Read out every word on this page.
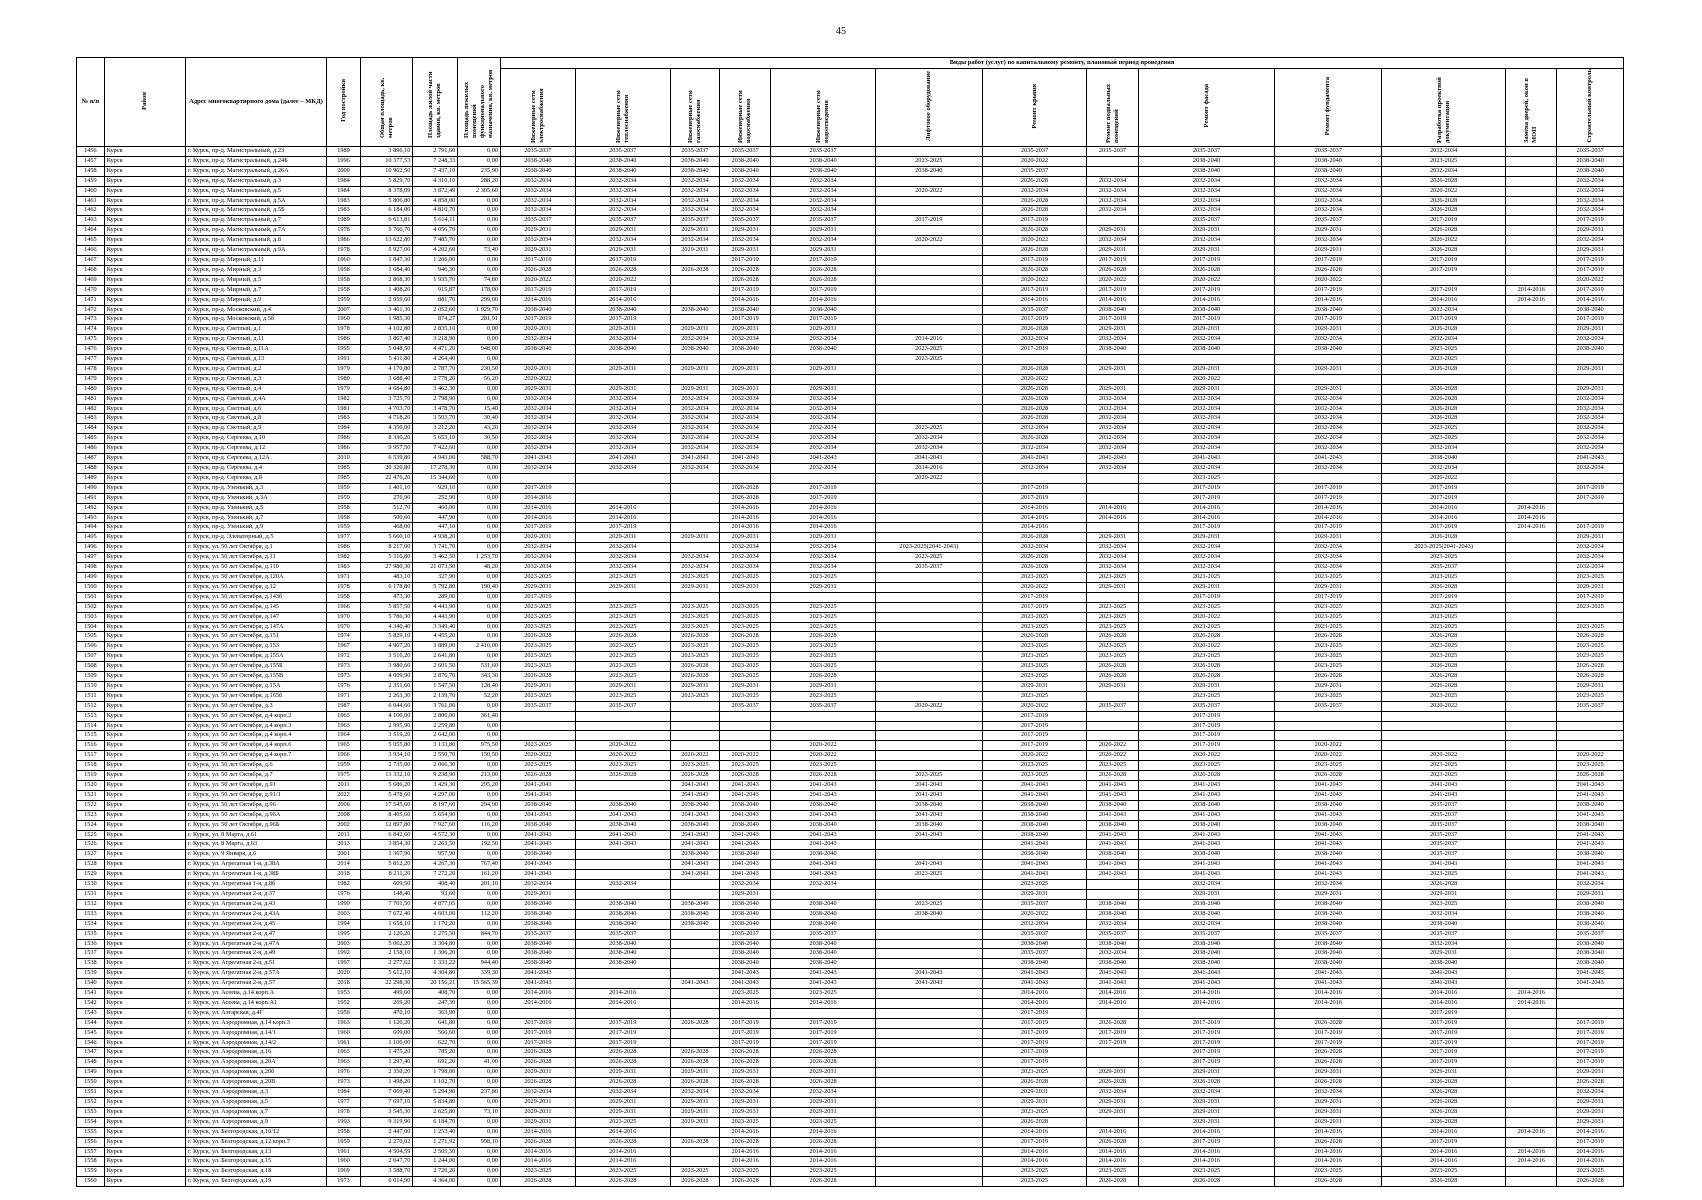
45
№ п/п	Район	Адрес многоквартирного дома (далее – МКД)	Год постройки	Общая площадь, кв. метров	Площадь жилой части здания, кв. метров	Площадь нежилых помещений функционального назначения, кв. метров	Виды работ (услуг) по капитальному ремонту, плановый период проведения												
							Инженерные сети электроснабжения	Инженерные сети теплоснабжения	Инженерные сети газоснабжения	Инженерные сети водоснабжения	Инженерные сети водоотведения	Лифтовое оборудование	Ремонт крыши	Ремонт подвальных помещений	Ремонт фасада	Ремонт фундамента	Разработка проектной документации	Замена дверей, окон в МОП	Строительный контроль
1456	Курск	г. Курск, пр-д. Магистральный, д.23	1989	3 896,10	2 791,60	0,00	2035-2037	2035-2037	2035-2037	2035-2037	2035-2037		2035-2037	2035-2037	2035-2037	2035-2037	2032-2034		2035-2037
1457	Курск	г. Курск, пр-д. Магистральный, д.24Б	1996	10 377,53	7 248,33	0,00	2038-2040	2038-2040	2038-2040	2038-2040	2038-2040	2023-2025	2020-2022		2038-2040	2038-2040	2023-2025		2038-2040
1458	Курск	г. Курск, пр-д. Магистральный, д.26А	2000	10 902,50	7 437,10	235,90	2038-2040	2038-2040	2038-2040	2038-2040	2038-2040	2038-2040	2035-2037		2038-2040	2038-2040	2032-2034		2038-2040
1459	Курск	г. Курск, пр-д. Магистральный, д.3	1984	5 829,70	4 310,10	288,20	2032-2034	2032-2034	2032-2034	2032-2034	2032-2034		2026-2028	2032-2034	2032-2034	2032-2034	2026-2028		2032-2034
1460	Курск	г. Курск, пр-д. Магистральный, д.5	1984	8 378,09	3 872,49	2 305,60	2032-2034	2032-2034	2032-2034	2032-2034	2032-2034	2020-2022	2032-2034	2032-2034	2032-2034	2032-2034	2020-2022		2032-2034
1461	Курск	г. Курск, пр-д. Магистральный, д.5А	1983	5 806,80	4 858,00	0,00	2032-2034	2032-2034	2032-2034	2032-2034	2032-2034		2026-2028	2032-2034	2032-2034	2032-2034	2026-2028		2032-2034
1462	Курск	г. Курск, пр-д. Магистральный, д.5Б	1983	6 184,00	4 810,70	0,00	2032-2034	2032-2034	2032-2034	2032-2034	2032-2034		2026-2028	2032-2034	2032-2034	2032-2034	2026-2028		2032-2034
1463	Курск	г. Курск, пр-д. Магистральный, д.7	1989	6 613,81	5 614,11	0,00	2035-2037	2035-2037	2035-2037	2035-2037	2035-2037	2017-2019	2017-2019		2035-2037	2035-2037	2017-2019		2017-2019
1464	Курск	г. Курск, пр-д. Магистральный, д.7А	1978	5 760,70	4 056,70	0,00	2029-2031	2029-2031	2029-2031	2029-2031	2029-2031		2026-2028	2029-2031	2029-2031	2029-2031	2026-2028		2029-2031
1465	Курск	г. Курск, пр-д. Магистральный, д.8	1986	13 622,80	7 485,70	0,00	2032-2034	2032-2034	2032-2034	2032-2034	2032-2034	2020-2022	2020-2022	2032-2034	2032-2034	2032-2034	2020-2022		2032-2034
1466	Курск	г. Курск, пр-д. Магистральный, д.9А	1978	5 927,00	4 202,60	73,40	2029-2031	2029-2031	2029-2031	2029-2031	2029-2031		2026-2028	2029-2031	2029-2031	2029-2031	2026-2028		2029-2031
1467	Курск	г. Курск, пр-д. Мирный, д.11	1960	1 847,30	1 266,00	0,00	2017-2019	2017-2019		2017-2019	2017-2019		2017-2019	2017-2019	2017-2019	2017-2019	2017-2019		2017-2019
1468	Курск	г. Курск, пр-д. Мирный, д.3	1958	1 684,40	946,30	0,00	2026-2028	2026-2028	2026-2028	2026-2028	2026-2028		2026-2028	2026-2028	2026-2028	2026-2028	2017-2019		2017-2019
1469	Курск	г. Курск, пр-д. Мирный, д.5	1958	2 868,30	1 935,70	74,80	2020-2022	2020-2022		2026-2028	2026-2028		2020-2022	2020-2022	2020-2022	2020-2022			2020-2022
1470	Курск	г. Курск, пр-д. Мирный, д.7	1958	1 408,20	915,87	178,00	2017-2019	2017-2019		2017-2019	2017-2019		2017-2019	2017-2019	2017-2019	2017-2019	2017-2019	2014-2016	2017-2019
1471	Курск	г. Курск, пр-д. Мирный, д.9	1959	2 059,60	881,70	299,00	2014-2016	2014-2016		2014-2016	2014-2016		2014-2016	2014-2016	2014-2016	2014-2016	2014-2016	2014-2016	2014-2016
1472	Курск	г. Курск, пр-д. Московский, д.4	2007	3 461,30	2 052,60	1 029,70	2038-2040	2038-2040	2038-2040	2038-2040	2038-2040		2035-2037	2038-2040	2038-2040	2038-2040	2032-2034		2038-2040
1473	Курск	г. Курск, пр-д. Московский, д.5б	1960	1 985,30	874,27	281,91	2017-2019	2017-2019		2017-2019	2017-2019		2017-2019	2017-2019	2017-2019	2017-2019	2017-2019		2017-2019
1474	Курск	г. Курск, пр-д. Светлый, д.1	1978	4 102,80	2 835,10	0,00	2029-2031	2029-2031	2029-2031	2029-2031	2029-2031		2026-2028	2029-2031	2029-2031	2029-2031	2026-2028		2029-2031
1475	Курск	г. Курск, пр-д. Светлый, д.11	1986	3 867,40	3 218,90	0,00	2032-2034	2032-2034	2032-2034	2032-2034	2032-2034	2014-2016	2032-2034	2032-2034	2032-2034	2032-2034	2032-2034		2032-2034
1476	Курск	г. Курск, пр-д. Светлый, д.11А	1995	5 048,50	4 471,20	948,00	2038-2040	2038-2040	2038-2040	2038-2040	2038-2040	2023-2025	2017-2019	2038-2040	2038-2040	2038-2040	2023-2025		2038-2040
1477	Курск	г. Курск, пр-д. Светлый, д.13	1991	5 411,80	4 264,40	0,00						2023-2025					2023-2025		
1478	Курск	г. Курск, пр-д. Светлый, д.2	1979	4 170,80	2 787,70	230,50	2029-2031	2029-2031	2029-2031	2029-2031	2029-2031		2026-2028	2029-2031	2029-2031	2029-2031	2026-2028		2029-2031
1479	Курск	г. Курск, пр-д. Светлый, д.3	1980	3 688,40	2 778,20	56,20	2020-2022						2020-2022		2020-2022				
1480	Курск	г. Курск, пр-д. Светлый, д.4	1979	4 684,80	3 462,30	0,00	2029-2031	2029-2031	2029-2031	2029-2031	2029-2031		2026-2028	2029-2031	2029-2031	2029-2031	2026-2028		2029-2031
1481	Курск	г. Курск, пр-д. Светлый, д.4А	1982	3 725,70	2 798,90	0,00	2032-2034	2032-2034	2032-2034	2032-2034	2032-2034		2026-2028	2032-2034	2032-2034	2032-2034	2026-2028		2032-2034
1482	Курск	г. Курск, пр-д. Светлый, д.6	1981	4 703,70	3 478,70	15,40	2032-2034	2032-2034	2032-2034	2032-2034	2032-2034		2026-2028	2032-2034	2032-2034	2032-2034	2026-2028		2032-2034
1483	Курск	г. Курск, пр-д. Светлый, д.8	1983	4 718,20	3 503,70	30,40	2032-2034	2032-2034	2032-2034	2032-2034	2032-2034		2026-2028	2032-2034	2032-2034	2032-2034	2026-2028		2032-2034
1484	Курск	г. Курск, пр-д. Светлый, д.9	1984	4 350,00	3 212,20	43,20	2032-2034	2032-2034	2032-2034	2032-2034	2032-2034	2023-2025	2032-2034	2032-2034	2032-2034	2032-2034	2023-2025		2032-2034
1485	Курск	г. Курск, пр-д. Сергеева, д.10	1986	8 330,20	5 653,10	30,50	2032-2034	2032-2034	2032-2034	2032-2034	2032-2034	2032-2034	2026-2028	2032-2034	2032-2034	2032-2034	2023-2025		2032-2034
1486	Курск	г. Курск, пр-д. Сергеева, д.12	1986	9 957,50	7 422,60	0,00	2032-2034	2032-2034	2032-2034	2032-2034	2032-2034	2032-2034	2032-2034	2032-2034	2032-2034	2032-2034	2032-2034		2032-2034
1487	Курск	г. Курск, пр-д. Сергеева, д.12А	2010	6 539,80	4 943,00	588,70	2041-2043	2041-2043	2041-2043	2041-2043	2041-2043	2041-2043	2041-2043	2041-2043	2041-2043	2041-2043	2038-2040		2041-2043
1488	Курск	г. Курск, пр-д. Сергеева, д.4	1985	20 320,80	17 278,30	0,00	2032-2034	2032-2034	2032-2034	2032-2034	2032-2034	2014-2016	2032-2034	2032-2034	2032-2034	2032-2034	2032-2034		2032-2034
1489	Курск	г. Курск, пр-д. Сергеева, д.8	1985	22 476,20	15 344,60	0,00						2020-2022			2023-2025		2020-2022		
1490	Курск	г. Курск, пр-д. Узенький, д.3	1959	1 401,10	929,10	0,00	2017-2019			2026-2028	2017-2019		2017-2019		2017-2019	2017-2019	2017-2019		2017-2019
1491	Курск	г. Курск, пр-д. Узенький, д.3А	1959	276,90	252,90	0,00	2014-2016			2026-2028	2017-2019		2017-2019		2017-2019	2017-2019	2017-2019		2017-2019
1492	Курск	г. Курск, пр-д. Узенький, д.5	1958	512,70	460,00	0,00	2014-2016	2014-2016		2014-2016	2014-2016		2014-2016	2014-2016	2014-2016	2014-2016	2014-2016	2014-2016	
1493	Курск	г. Курск, пр-д. Узенький, д.7	1958	500,60	447,90	0,00	2014-2016	2014-2016		2014-2016	2014-2016		2014-2016	2014-2016	2014-2016	2014-2016	2014-2016	2014-2016	
1494	Курск	г. Курск, пр-д. Узенький, д.9	1959	468,00	447,10	0,00	2017-2019	2017-2019		2014-2016	2014-2016		2014-2016		2017-2019	2017-2019	2017-2019	2014-2016	2017-2019
1495	Курск	г. Курск, пр-д. Элеваторный, д.5	1977	5 660,10	4 938,20	0,00	2029-2031	2029-2031	2029-2031	2029-2031	2029-2031		2026-2028	2029-2031	2029-2031	2029-2031	2026-2028		2029-2031
1496	Курск	г. Курск, ул. 50 лет Октября, д.1	1986	8 217,00	3 741,70	0,00	2032-2034	2032-2034		2032-2034	2032-2034	2023-2025(2041-2043)	2032-2034	2032-2034	2032-2034	2032-2034	2023-2025(2041-2043)		2032-2034
1497	Курск	г. Курск, ул. 50 лет Октября, д.11	1982	5 310,80	3 462,50	1 253,70	2032-2034	2032-2034	2032-2034	2032-2034	2032-2034	2023-2025	2026-2028	2032-2034	2032-2034	2032-2034	2023-2025		2032-2034
1498	Курск	г. Курск, ул. 50 лет Октября, д.110	1983	27 980,30	21 073,50	48,20	2032-2034	2032-2034	2032-2034	2032-2034	2032-2034	2035-2037	2026-2028	2032-2034	2032-2034	2032-2034	2035-2037		2032-2034
1499	Курск	г. Курск, ул. 50 лет Октября, д.120А	1971	483,10	327,90	0,00	2023-2025	2023-2025	2023-2025	2023-2025	2023-2025		2023-2025	2023-2025	2023-2025	2023-2025	2023-2025		2023-2025
1500	Курск	г. Курск, ул. 50 лет Октября, д.12	1978	6 178,80	5 792,80	190,40	2029-2031	2029-2031	2029-2031	2029-2031	2029-2031		2020-2022	2029-2031	2029-2031	2029-2031	2026-2028		2029-2031
1501	Курск	г. Курск, ул. 50 лет Октября, д.143б	1958	473,30	289,00	0,00	2017-2019						2017-2019		2017-2019	2017-2019	2017-2019		2017-2019
1502	Курск	г. Курск, ул. 50 лет Октября, д.145	1966	5 857,50	4 443,90	0,00	2023-2025	2023-2025	2023-2025	2023-2025	2023-2025		2017-2019	2023-2025	2023-2025	2023-2025	2023-2025		2023-2025
1503	Курск	г. Курск, ул. 50 лет Октября, д.147	1970	5 786,30	4 443,90	0,00	2023-2025	2023-2025	2023-2025	2023-2025	2023-2025		2023-2025	2023-2025	2020-2022	2023-2025	2023-2025		
1504	Курск	г. Курск, ул. 50 лет Октября, д.147А	1970	4 340,40	3 349,40	0,00	2023-2025	2023-2025	2023-2025	2023-2025	2023-2025		2023-2025	2023-2025	2023-2025	2023-2025	2023-2025		2023-2025
1505	Курск	г. Курск, ул. 50 лет Октября, д.151	1974	5 829,10	4 455,20	0,00	2026-2028	2026-2028	2026-2028	2026-2028	2026-2028		2026-2028	2026-2028	2026-2028	2026-2028	2026-2028		2026-2028
1506	Курск	г. Курск, ул. 50 лет Октября, д.153	1967	4 907,20	3 889,00	2 410,00	2023-2025	2023-2025	2023-2025	2023-2025	2023-2025		2023-2025	2023-2025	2020-2022	2023-2025	2023-2025		2023-2025
1507	Курск	г. Курск, ул. 50 лет Октября, д.155А	1972	3 516,20	2 641,80	0,00	2023-2025	2023-2025	2023-2025	2023-2025	2023-2025		2023-2025	2023-2025	2023-2025	2023-2025	2023-2025		2023-2025
1508	Курск	г. Курск, ул. 50 лет Октября, д.155Б	1973	3 980,60	2 601,50	531,60	2023-2025	2023-2025	2026-2028	2023-2025	2023-2025		2023-2025	2026-2028	2026-2028	2023-2025	2026-2028		2026-2028
1509	Курск	г. Курск, ул. 50 лет Октября, д.155В	1973	4 009,90	2 876,70	343,30	2026-2028	2023-2025	2026-2028	2023-2025	2026-2028		2023-2025	2026-2028	2026-2028	2026-2028	2026-2028		2026-2028
1510	Курск	г. Курск, ул. 50 лет Октября, д.15А	1976	2 351,60	1 547,50	128,40	2029-2031	2029-2031	2029-2031	2029-2031	2029-2031		2029-2031	2029-2031	2029-2031	2029-2031	2026-2028		2029-2031
1511	Курск	г. Курск, ул. 50 лет Октября, д.165б	1971	2 263,30	2 139,70	52,20	2023-2025	2023-2025	2023-2025	2023-2025	2023-2025		2023-2025		2023-2025	2023-2025	2023-2025		2023-2025
1512	Курск	г. Курск, ул. 50 лет Октября, д.3	1987	6 044,60	3 761,00	0,00	2035-2037	2035-2037		2035-2037	2035-2037	2020-2022	2020-2022	2035-2037	2035-2037	2035-2037	2020-2022		2035-2037
1513	Курск	г. Курск, ул. 50 лет Октября, д.4 корп.2	1963	4 100,00	2 806,00	361,40							2017-2019		2017-2019				
1514	Курск	г. Курск, ул. 50 лет Октября, д.4 корп.3	1963	2 995,90	2 259,80	0,00							2017-2019		2017-2019				
1515	Курск	г. Курск, ул. 50 лет Октября, д.4 корп.4	1964	3 519,20	2 642,00	0,00							2017-2019		2017-2019				
1516	Курск	г. Курск, ул. 50 лет Октября, д.4 корп.6	1965	5 055,80	3 133,80	975,50	2023-2025	2020-2022			2020-2022		2017-2019	2020-2022	2017-2019	2020-2022			
1517	Курск	г. Курск, ул. 50 лет Октября, д.4 корп.7	1966	3 934,10	2 550,70	150,50	2020-2022	2020-2022	2020-2022	2020-2022	2020-2022		2020-2022	2020-2022	2020-2022	2020-2022	2020-2022		2020-2022
1518	Курск	г. Курск, ул. 50 лет Октября, д.6	1959	2 735,00	2 066,30	0,00	2023-2025	2023-2025	2023-2025	2023-2025	2023-2025		2023-2025	2023-2025	2023-2025	2023-2025	2023-2025		2023-2025
1519	Курск	г. Курск, ул. 50 лет Октября, д.7	1975	13 332,10	9 238,90	213,00	2026-2028	2026-2028	2026-2028	2026-2028	2026-2028	2023-2025	2023-2025	2026-2028	2026-2028	2026-2028	2023-2025		2026-2028
1520	Курск	г. Курск, ул. 50 лет Октября, д.91	2011	5 686,20	3 429,30	295,20	2041-2043		2041-2043	2041-2043	2041-2043	2041-2043	2041-2043	2041-2043	2041-2043	2041-2043	2041-2043		2041-2043
1521	Курск	г. Курск, ул. 50 лет Октября, д.91/1	2022	5 478,60	4 297,00	0,00	2041-2043		2041-2043	2041-2043	2041-2043	2041-2043	2041-2043	2041-2043	2041-2043	2041-2043	2041-2043		2041-2043
1522	Курск	г. Курск, ул. 50 лет Октября, д.96	2006	17 545,60	8 197,60	294,90	2038-2040	2038-2040	2038-2040	2038-2040	2038-2040	2038-2040	2038-2040	2038-2040	2038-2040	2038-2040	2035-2037		2038-2040
1523	Курск	г. Курск, ул. 50 лет Октября, д.96А	2008	8 405,60	5 654,90	0,00	2041-2043	2041-2043	2041-2043	2041-2043	2041-2043	2041-2043	2038-2040	2041-2043	2041-2043	2041-2043	2035-2037		2041-2043
1524	Курск	г. Курск, ул. 50 лет Октября, д.96Б	2002	12 897,80	7 927,60	116,20	2038-2040	2038-2040	2038-2040	2038-2040	2038-2040	2038-2040	2038-2040	2038-2040	2038-2040	2038-2040	2035-2037		2038-2040
1525	Курск	г. Курск, ул. 8 Марта, д.61	2011	6 842,60	4 572,30	0,00	2041-2043	2041-2043	2041-2043	2041-2043	2041-2043	2041-2043	2038-2040	2041-2043	2041-2043	2041-2043	2035-2037		2041-2043
1526	Курск	г. Курск, ул. 8 Марта, д.63	2013	3 854,30	2 263,50	192,50	2041-2043	2041-2043	2041-2043	2041-2043	2041-2043		2041-2043	2041-2043	2041-2043	2041-2043	2035-2037		2041-2043
1527	Курск	г. Курск, ул. 9 Января, д.6	2001	1 367,90	957,90	0,00	2038-2040		2038-2040	2038-2040	2038-2040		2038-2040	2038-2040	2038-2040	2038-2040	2035-2037		2038-2040
1528	Курск	г. Курск, ул. Агрегатная 1-я, д.38А	2014	5 812,20	4 267,30	767,40	2041-2043		2041-2043	2041-2043	2041-2043	2041-2043	2041-2043	2041-2043	2041-2043	2041-2043	2041-2043		2041-2043
1529	Курск	г. Курск, ул. Агрегатная 1-я, д.38Б	2018	8 211,20	7 272,20	161,20	2041-2043		2041-2043	2041-2043	2041-2043	2023-2025	2041-2043	2041-2043	2041-2043	2041-2043	2023-2025		2041-2043
1530	Курск	г. Курск, ул. Агрегатная 1-я, д.8б	1982	609,50	408,40	201,10	2032-2034	2032-2034		2032-2034	2032-2034		2023-2025		2032-2034	2032-2034	2026-2028		2032-2034
1531	Курск	г. Курск, ул. Агрегатная 2-я, д.37	1976	148,40	93,60	0,00	2029-2031			2029-2031			2029-2031		2029-2031	2029-2031	2029-2031		2029-2031
1532	Курск	г. Курск, ул. Агрегатная 2-я, д.43	1999	7 701,50	4 877,05	0,00	2038-2040	2038-2040	2038-2040	2038-2040	2038-2040	2023-2025	2035-2037	2038-2040	2038-2040	2038-2040	2023-2025		2038-2040
1533	Курск	г. Курск, ул. Агрегатная 2-я, д.43А	2003	7 672,40	4 603,00	112,20	2038-2040	2038-2040	2038-2040	2038-2040	2038-2040	2038-2040	2020-2022	2038-2040	2038-2040	2038-2040	2032-2034		2038-2040
1534	Курск	г. Курск, ул. Агрегатная 2-я, д.45	1994	1 658,10	1 170,20	0,00	2038-2040	2038-2040	2038-2040	2038-2040	2038-2040		2032-2034	2032-2034	2032-2034	2038-2040	2038-2040		2038-2040
1535	Курск	г. Курск, ул. Агрегатная 2-я, д.47	1995	2 120,20	1 275,50	844,70	2035-2037	2035-2037		2035-2037	2035-2037		2035-2037	2035-2037	2035-2037	2035-2037	2035-2037		2035-2037
1536	Курск	г. Курск, ул. Агрегатная 2-я, д.47А	2003	5 062,20	3 304,80	0,00	2038-2040	2038-2040		2038-2040	2038-2040		2038-2040	2038-2040	2038-2040	2038-2040	2032-2034		2038-2040
1537	Курск	г. Курск, ул. Агрегатная 2-я, д.49	1992	2 158,10	1 306,20	0,00	2038-2040	2038-2040		2038-2040	2038-2040		2035-2037	2032-2034	2038-2040	2038-2040	2029-2031		2038-2040
1538	Курск	г. Курск, ул. Агрегатная 2-я, д.51	1997	2 277,62	1 333,22	944,40	2038-2040	2038-2040		2038-2040	2038-2040		2038-2040	2038-2040	2038-2040	2038-2040	2038-2040		2038-2040
1539	Курск	г. Курск, ул. Агрегатная 2-я, д.57А	2020	5 612,10	4 304,80	339,30	2041-2043			2041-2043	2041-2043	2041-2043	2041-2043	2041-2043	2041-2043	2041-2043	2041-2043		2041-2043
1540	Курск	г. Курск, ул. Агрегатная 2-я, д.57	2018	22 298,30	20 156,21	15 565,39	2041-2043		2041-2043	2041-2043	2041-2043	2041-2043	2041-2043	2041-2043	2041-2043	2041-2043	2041-2043		2041-2043
1541	Курск	г. Курск, ул. Асеева, д.14 корп.А	1953	499,60	408,70	0,00	2014-2016	2014-2016		2023-2025	2023-2025		2014-2016	2014-2016	2014-2016	2014-2016	2014-2016	2014-2016	
1542	Курск	г. Курск, ул. Асеева, д.14 корп.А1	1952	269,20	247,30	0,00	2014-2016	2014-2016		2014-2016	2014-2016		2014-2016	2014-2016	2014-2016	2014-2016	2014-2016	2014-2016	
1543	Курск	г. Курск, ул. Аэтарская, д.4Г	1956	470,10	363,90	0,00							2017-2019				2017-2019		
1544	Курск	г. Курск, ул. Аэродромная, д.14 корп.3	1963	1 120,20	641,80	0,00	2017-2019	2017-2019	2026-2028	2017-2019	2017-2019		2017-2019	2026-2028	2017-2019	2026-2028	2017-2019		2017-2019
1545	Курск	г. Курск, ул. Аэродромная, д.14/1	1960	609,00	566,60	0,00	2017-2019	2017-2019		2017-2019	2017-2019		2017-2019	2017-2019	2017-2019	2017-2019	2017-2019		2017-2019
1546	Курск	г. Курск, ул. Аэродромная, д.14/2	1961	1 100,00	622,70	0,00	2017-2019	2017-2019		2017-2019	2017-2019		2017-2019	2017-2019	2017-2019	2017-2019	2017-2019		2017-2019
1547	Курск	г. Курск, ул. Аэродромная, д.16	1963	1 475,20	785,20	0,00	2026-2028	2026-2028	2026-2028	2026-2028	2026-2028		2017-2019		2017-2019	2026-2028	2017-2019		2017-2019
1548	Курск	г. Курск, ул. Аэродромная, д.20А	1963	1 297,40	691,20	41,00	2026-2028	2026-2028	2026-2028	2026-2028	2026-2028		2017-2019		2017-2019	2026-2028	2017-2019		2017-2019
1549	Курск	г. Курск, ул. Аэродромная, д.20б	1976	2 350,20	1 798,00	0,00	2029-2031	2029-2031	2029-2031	2029-2031	2029-2031		2023-2025	2029-2031	2029-2031	2029-2031	2029-2031		2029-2031
1550	Курск	г. Курск, ул. Аэродромная, д.20В	1973	1 498,20	1 102,70	0,00	2026-2028	2026-2028	2026-2028	2026-2028	2026-2028		2026-2028	2026-2028	2026-2028	2026-2028	2026-2028		2026-2028
1551	Курск	г. Курск, ул. Аэродромная, д.3	1984	7 069,40	5 294,90	237,80	2032-2034	2032-2034	2032-2034	2032-2034	2032-2034		2029-2031	2032-2034	2032-2034	2032-2034	2026-2028		2032-2034
1552	Курск	г. Курск, ул. Аэродромная, д.5	1977	7 697,10	5 834,80	0,00	2029-2031	2029-2031	2029-2031	2029-2031	2029-2031		2029-2031	2029-2031	2029-2031	2029-2031	2026-2028		2029-2031
1553	Курск	г. Курск, ул. Аэродромная, д.7	1978	3 545,30	2 625,80	73,10	2029-2031	2029-2031	2029-2031	2029-2031	2029-2031		2023-2025	2029-2031	2029-2031	2029-2031	2026-2028		2029-2031
1554	Курск	г. Курск, ул. Аэродромная, д.9	1993	9 319,90	6 184,70	0,00	2029-2031	2023-2025	2029-2031	2023-2025	2023-2025		2026-2028		2029-2031	2029-2031	2026-2028		2029-2031
1555	Курск	г. Курск, ул. Белгородская, д.10/12	1958	2 447,00	1 253,40	0,00	2014-2016	2014-2016		2014-2016	2014-2016		2014-2016	2014-2016	2014-2016	2014-2016	2014-2016	2014-2016	2014-2016
1556	Курск	г. Курск, ул. Белгородская, д.12 корп.7	1959	2 270,02	1 271,92	998,10	2026-2028	2026-2028	2026-2028	2026-2028	2026-2028		2017-2019	2026-2028	2017-2019	2026-2028	2017-2019		2017-2019
1557	Курск	г. Курск, ул. Белгородская, д.13	1961	4 504,59	2 505,50	0,00	2014-2016	2014-2016		2014-2016	2014-2016		2014-2016	2014-2016	2014-2016	2014-2016	2014-2016	2014-2016	2014-2016
1558	Курск	г. Курск, ул. Белгородская, д.15	1960	2 047,70	1 244,00	0,00	2014-2016	2014-2016		2014-2016	2014-2016		2014-2016	2014-2016	2014-2016	2014-2016	2014-2016	2014-2016	2014-2016
1559	Курск	г. Курск, ул. Белгородская, д.18	1969	3 588,70	2 720,20	0,00	2023-2025	2023-2025	2023-2025	2023-2025	2023-2025		2023-2025	2023-2025	2023-2025	2023-2025	2023-2025		2023-2025
1560	Курск	г. Курск, ул. Белгородская, д.19	1973	6 014,90	4 364,00	0,00	2026-2028	2026-2028	2026-2028	2026-2028	2026-2028		2023-2025	2026-2028	2026-2028	2026-2028	2026-2028		2026-2028
